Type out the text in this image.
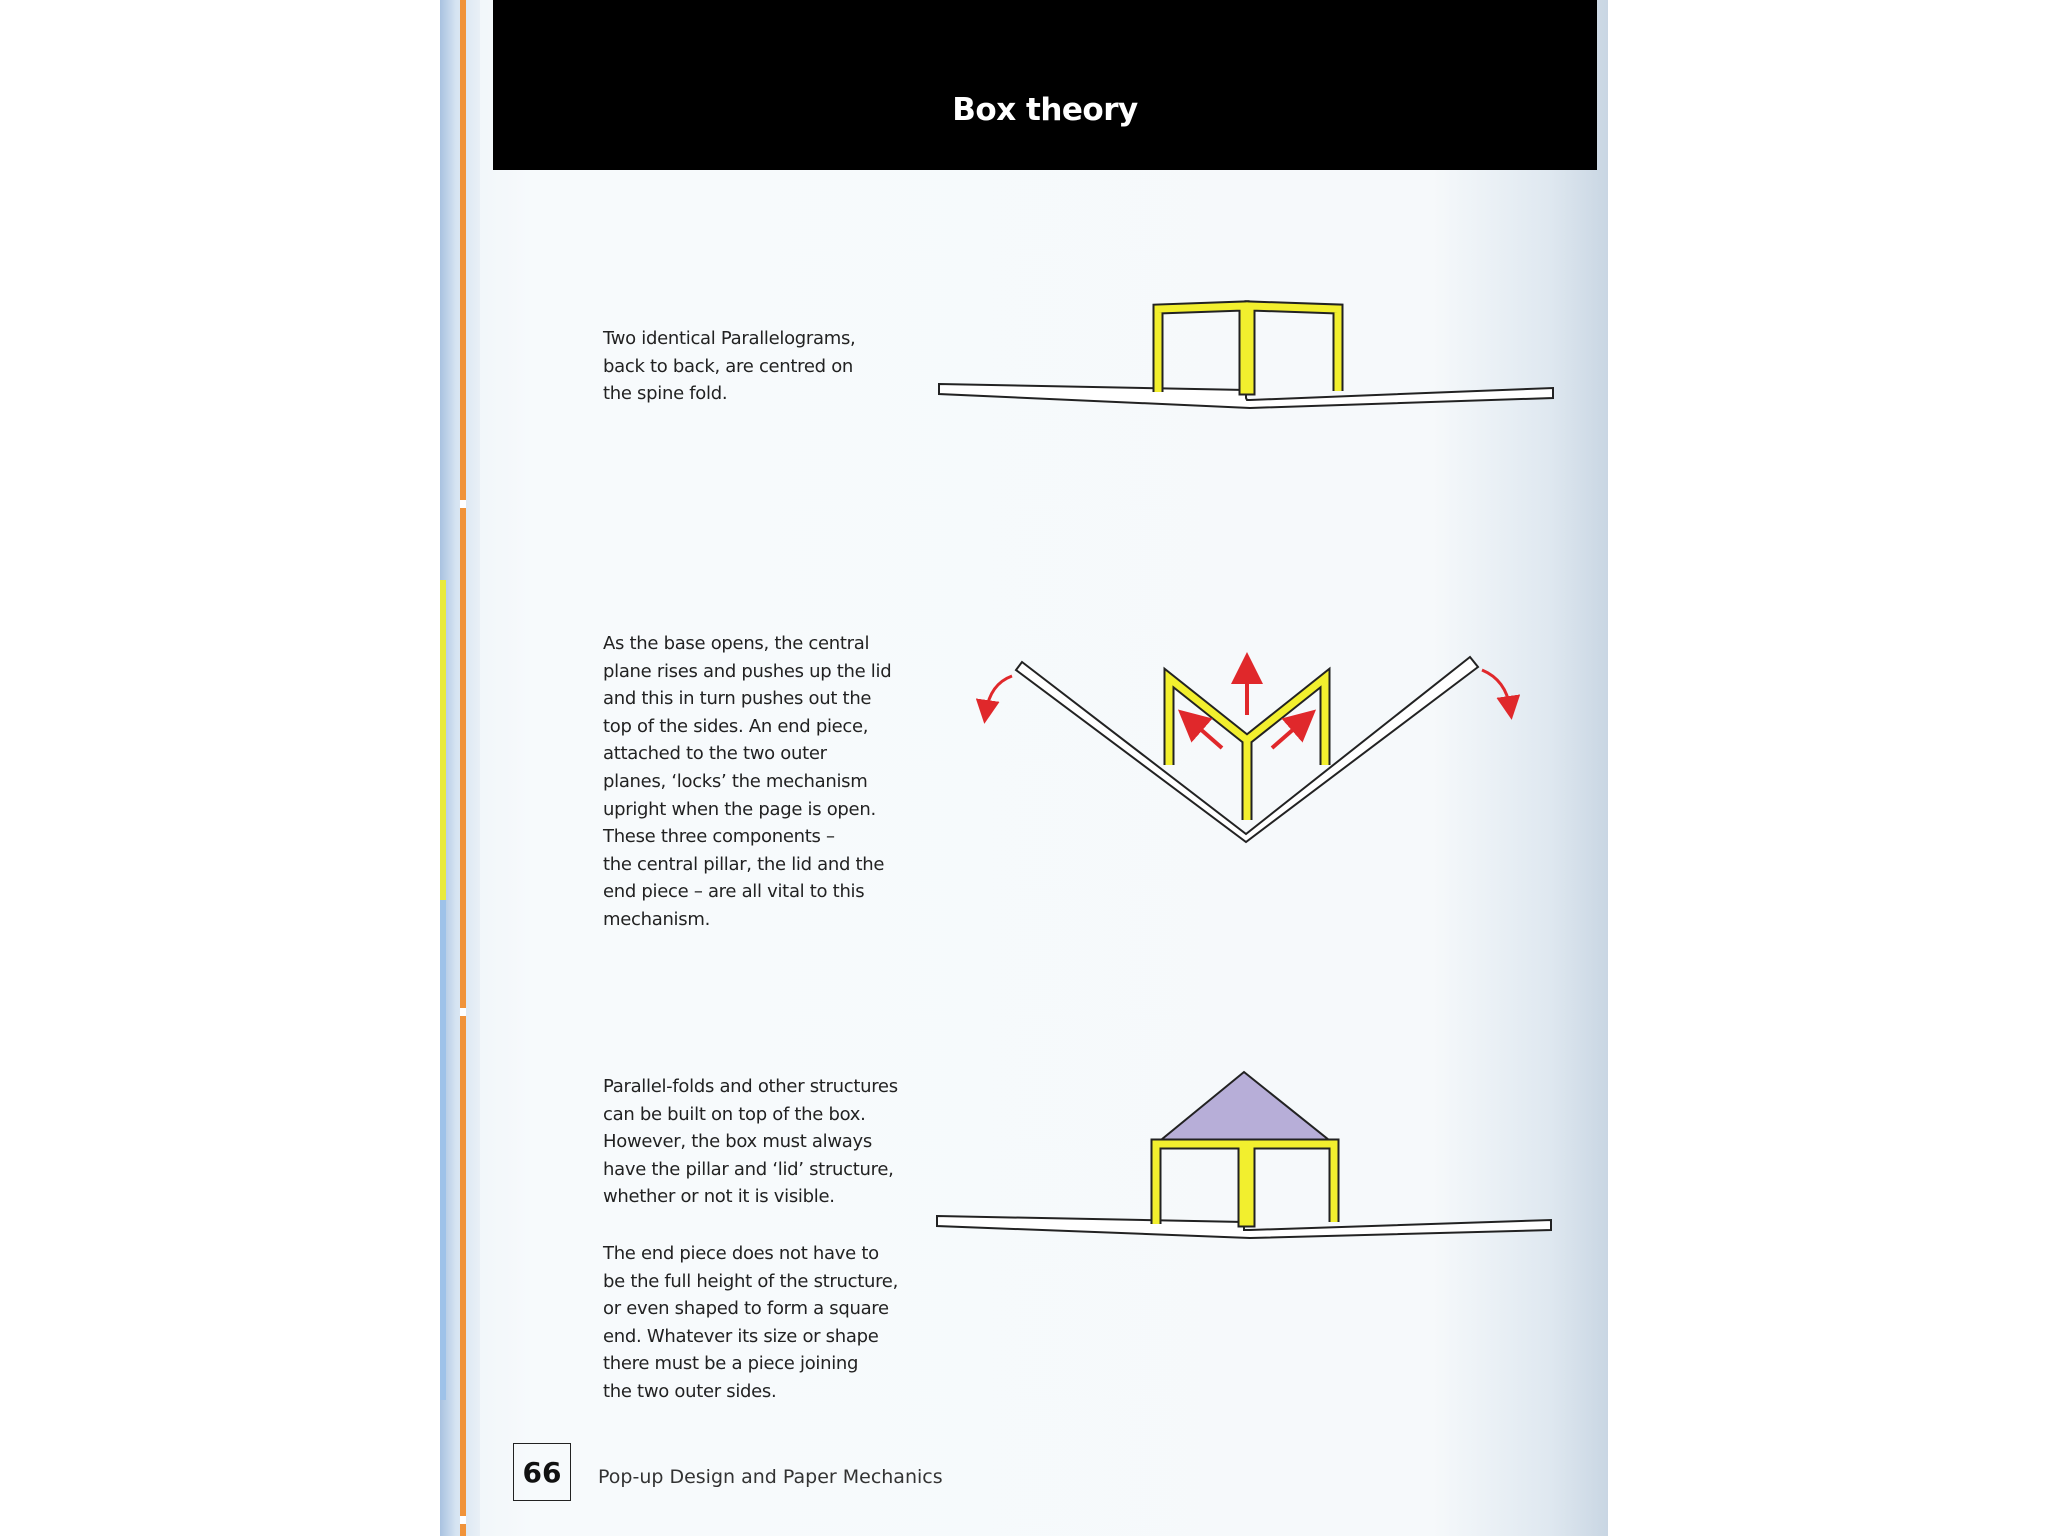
Box theory
Two identical Parallelograms,
back to back, are centred on
the spine fold.
As the base opens, the central
plane rises and pushes up the lid
and this in turn pushes out the
top of the sides. An end piece,
attached to the two outer
planes, ‘locks’ the mechanism
upright when the page is open.
These three components –
the central pillar, the lid and the
end piece – are all vital to this
mechanism.
Parallel-folds and other structures
can be built on top of the box.
However, the box must always
have the pillar and ‘lid’ structure,
whether or not it is visible.
The end piece does not have to
be the full height of the structure,
or even shaped to form a square
end. Whatever its size or shape
there must be a piece joining
the two outer sides.
66	Pop-up Design and Paper Mechanics
